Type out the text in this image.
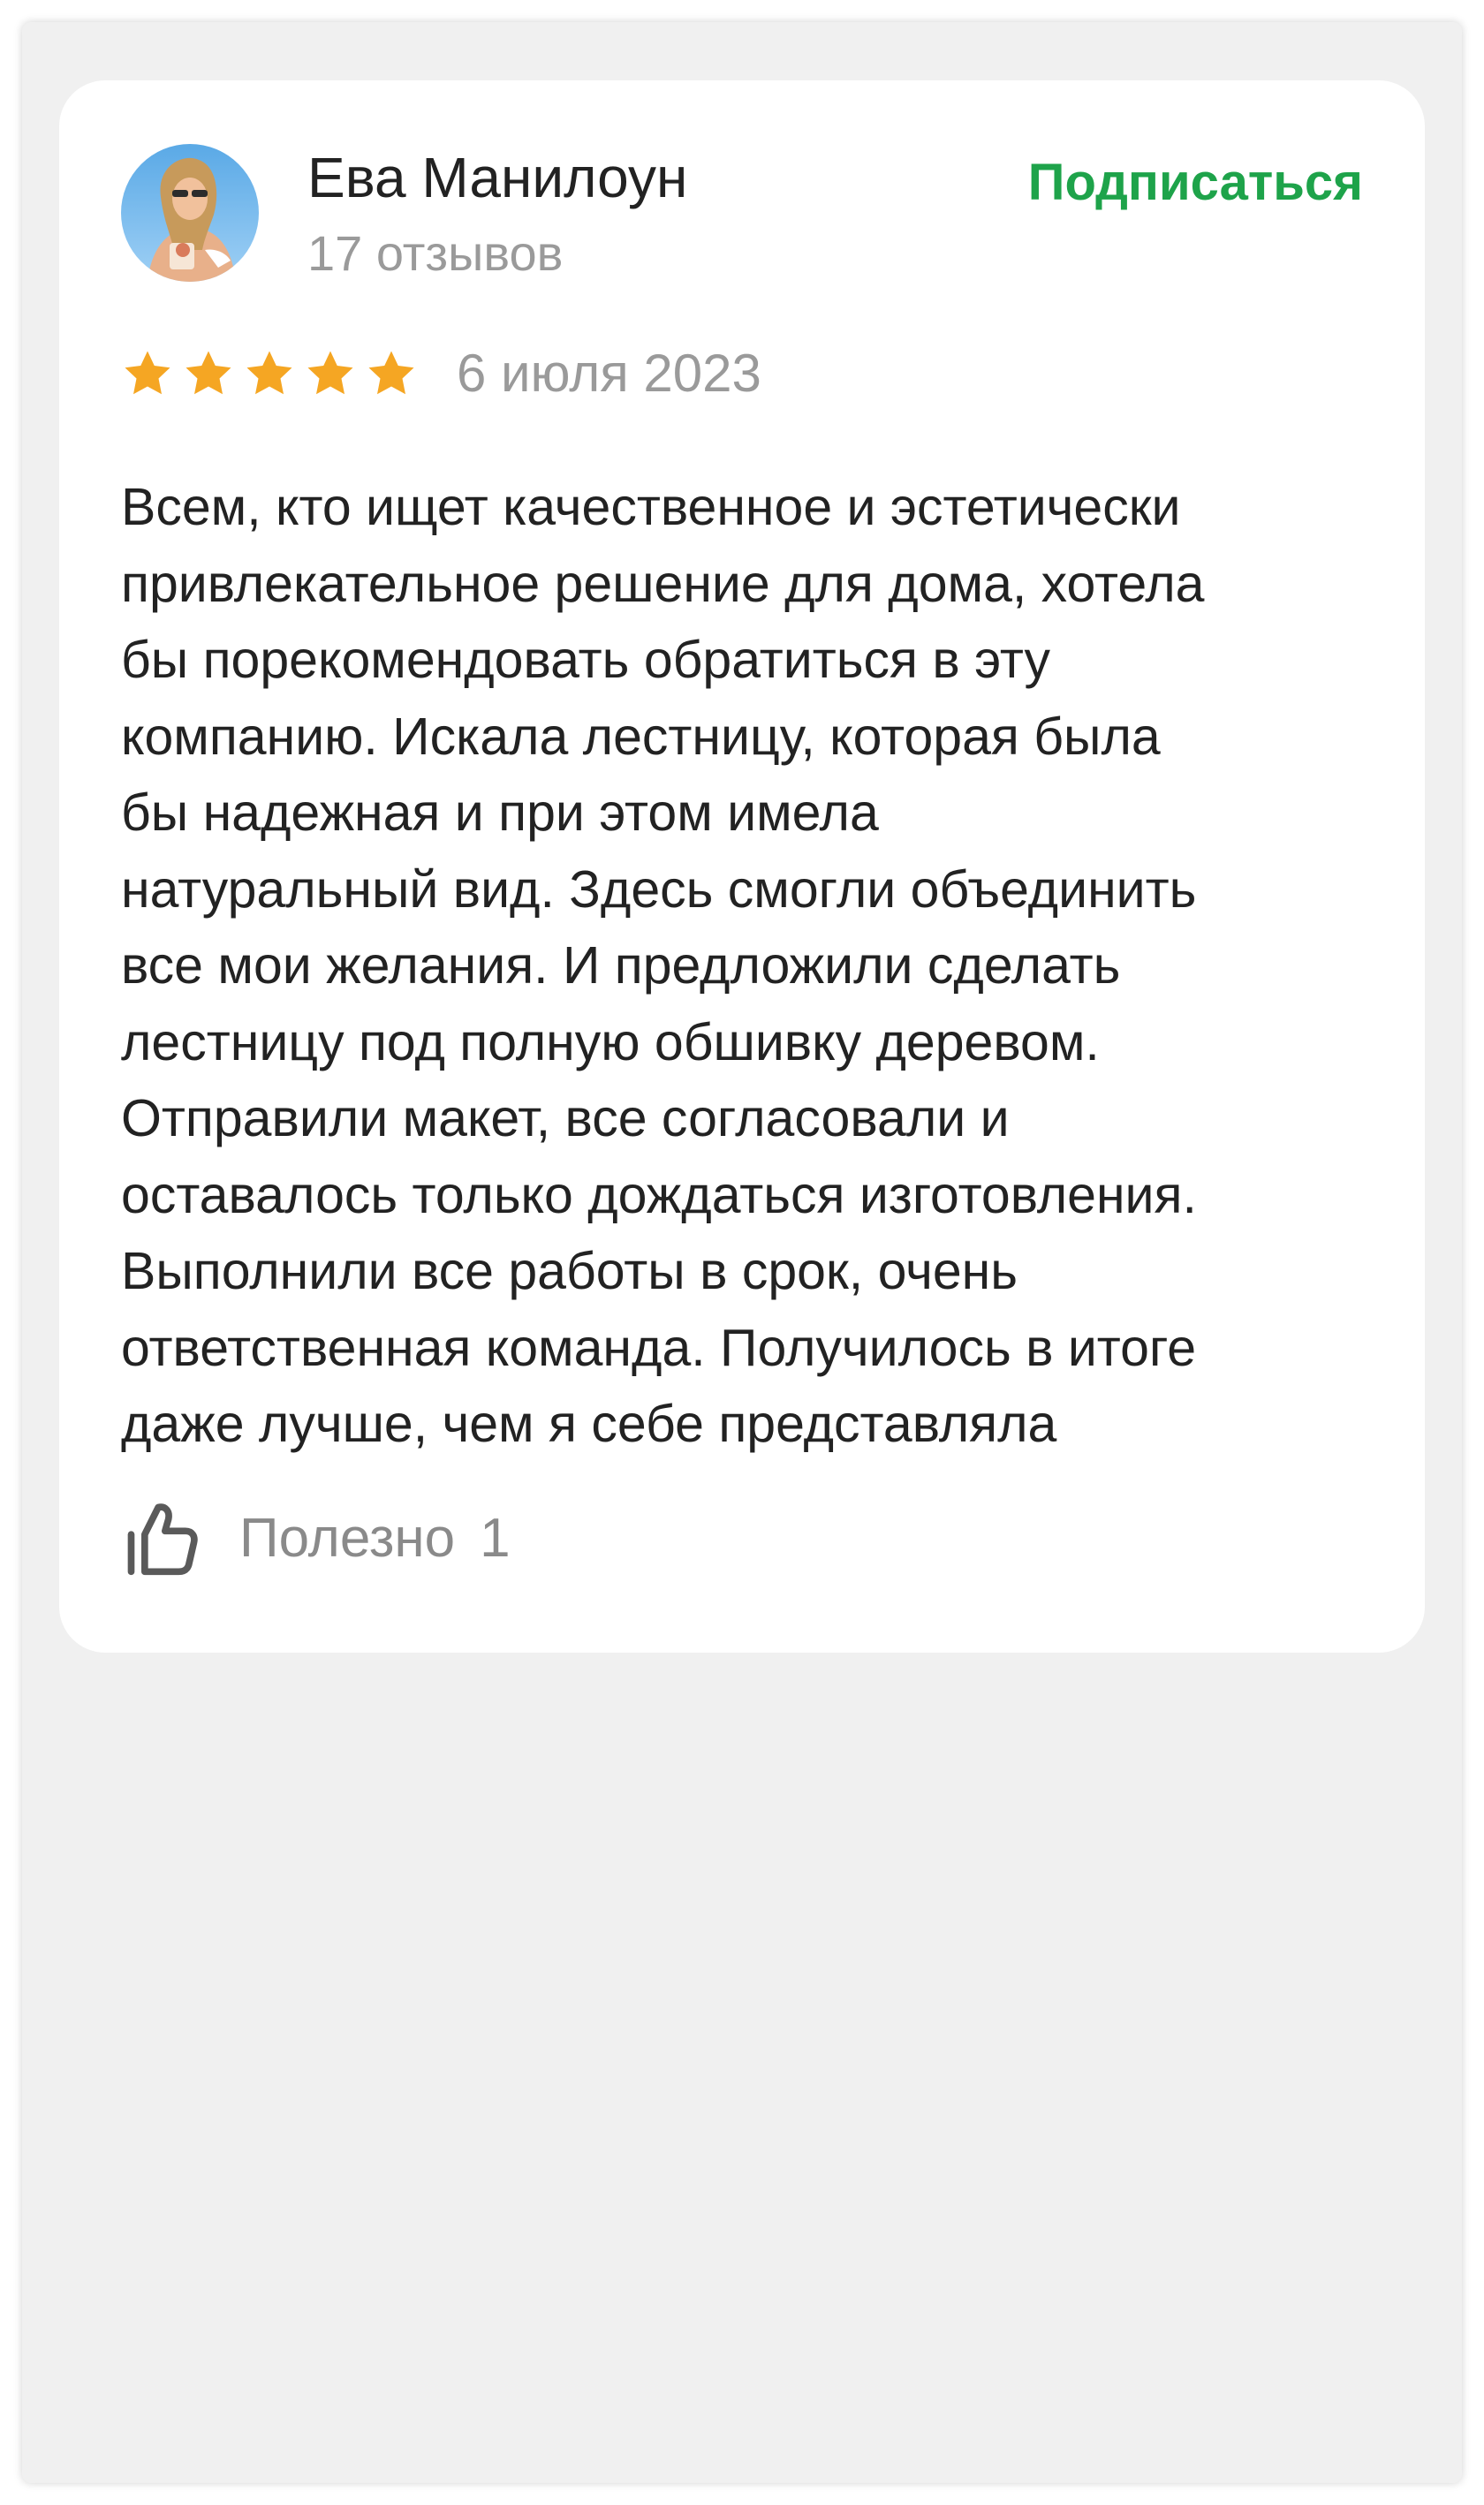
Ева Манилоун
17 отзывов
Подписаться
6 июля 2023
Всем, кто ищет качественное и эстетически
привлекательное решение для дома, хотела
бы порекомендовать обратиться в эту
компанию. Искала лестницу, которая была
бы надежная и при этом имела
натуральный вид. Здесь смогли объединить
все мои желания. И предложили сделать
лестницу под полную обшивку деревом.
Отправили макет, все согласовали и
оставалось только дождаться изготовления.
Выполнили все работы в срок, очень
ответственная команда. Получилось в итоге
даже лучше, чем я себе представляла
Полезно 1
